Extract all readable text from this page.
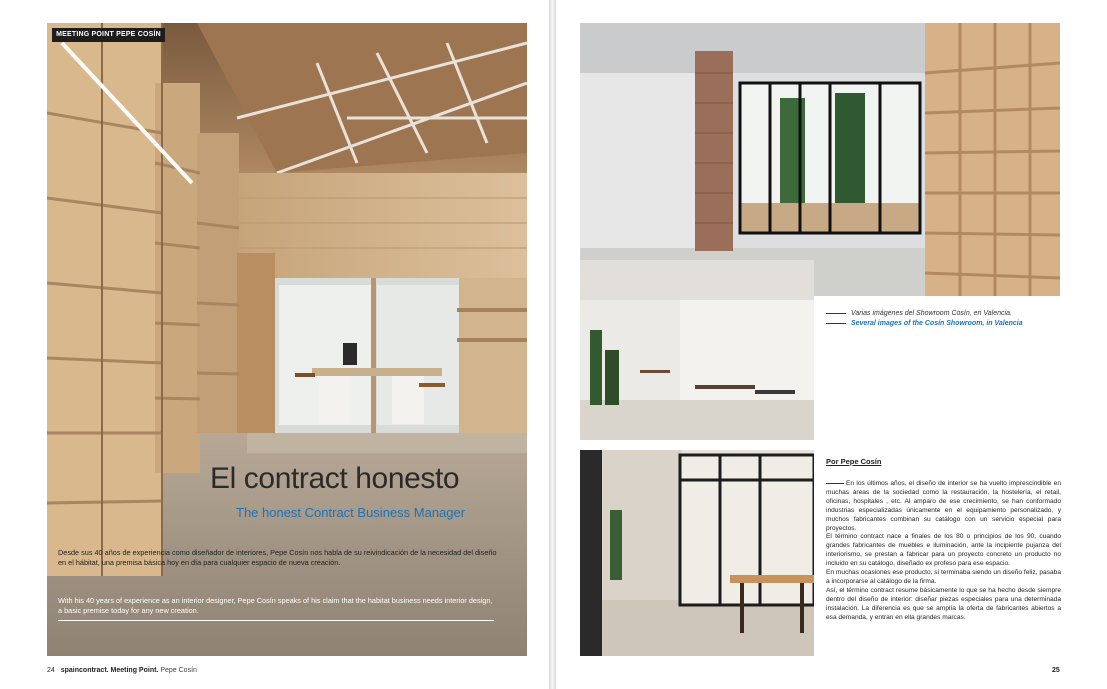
MEETING POINT PEPE COSÍN
El contract honesto
The honest Contract Business Manager
Desde sus 40 años de experiencia como diseñador de interiores, Pepe Cosín nos habla de su reivindicación de la necesidad del diseño en el hábitat, una premisa básica hoy en día para cualquier espacio de nueva creación.
With his 40 years of experience as an interior designer, Pepe Cosín speaks of his claim that the habitat business needs interior design, a basic premise today for any new creation.
24 spaincontract. Meeting Point. Pepe Cosín
Varias imágenes del Showroom Cosín, en Valencia.
Several images of the Cosín Showroom, in Valencia
Por Pepe Cosín

En los últimos años, el diseño de interior se ha vuelto imprescindible en muchas áreas de la sociedad como la restauración, la hostelería, el retail, oficinas, hospitales , etc. Al amparo de ese crecimiento, se han conformado industrias especializadas únicamente en el equipamiento personalizado, y muchos fabricantes combinan su catálogo con un servicio especial para proyectos.

El término contract nace a finales de los 80 o principios de los 90, cuando grandes fabricantes de muebles e iluminación, ante la incipiente pujanza del interiorismo, se prestan a fabricar para un proyecto concreto un producto no incluido en su catálogo, diseñado ex profeso para ese espacio.

En muchas ocasiones ese producto, si terminaba siendo un diseño feliz, pasaba a incorporarse al catálogo de la firma.

Así, el término contract resume básicamente lo que se ha hecho desde siempre dentro del diseño de interior: diseñar piezas especiales para una determinada instalación. La diferencia es que se amplía la oferta de fabricantes abiertos a esa demanda, y entran en ella grandes marcas.

25
